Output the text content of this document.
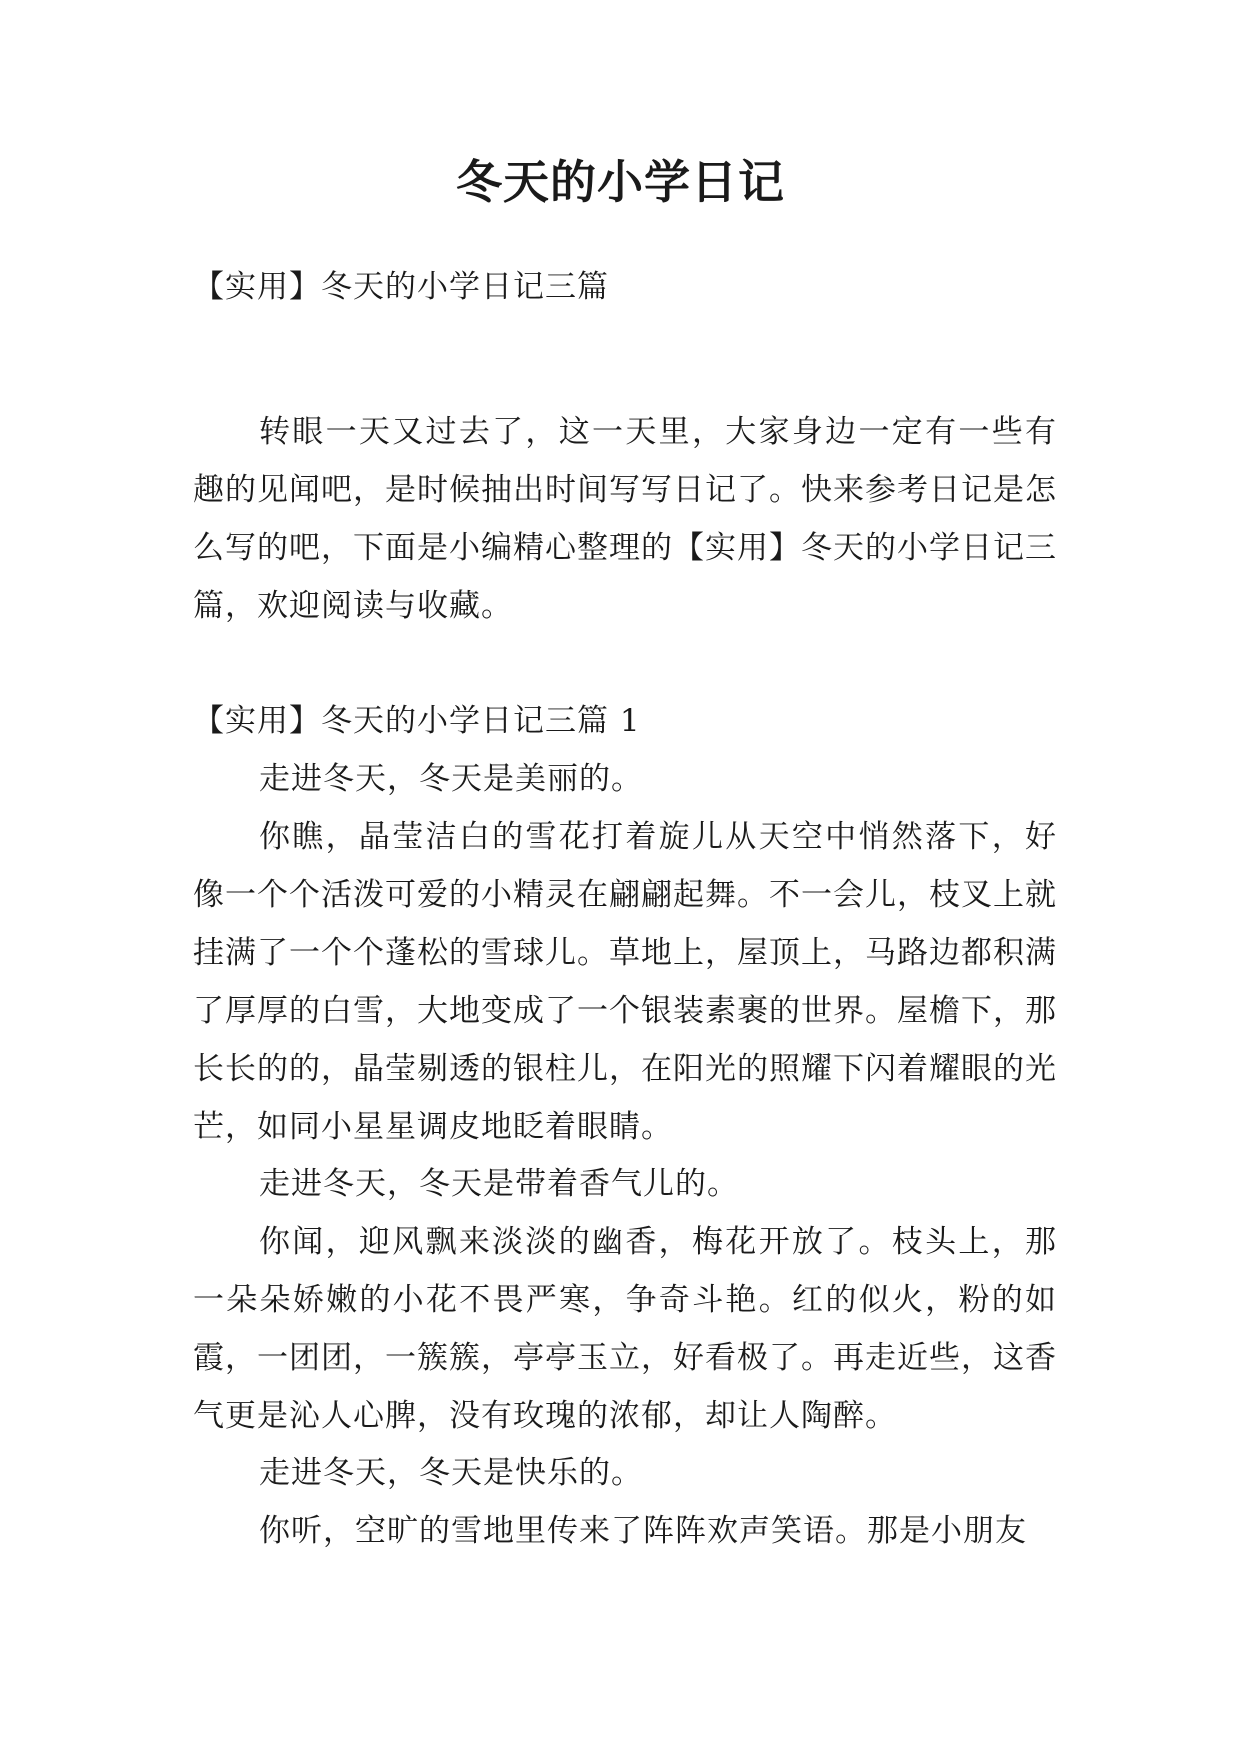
冬天的小学日记

【实用】冬天的小学日记三篇

转眼一天又过去了，这一天里，大家身边一定有一些有趣的见闻吧，是时候抽出时间写写日记了。快来参考日记是怎么写的吧，下面是小编精心整理的【实用】冬天的小学日记三篇，欢迎阅读与收藏。

【实用】冬天的小学日记三篇 1

走进冬天，冬天是美丽的。

你瞧，晶莹洁白的雪花打着旋儿从天空中悄然落下，好像一个个活泼可爱的小精灵在翩翩起舞。不一会儿，枝叉上就挂满了一个个蓬松的雪球儿。草地上，屋顶上，马路边都积满了厚厚的白雪，大地变成了一个银装素裹的世界。屋檐下，那长长的的，晶莹剔透的银柱儿，在阳光的照耀下闪着耀眼的光芒，如同小星星调皮地眨着眼睛。

走进冬天，冬天是带着香气儿的。

你闻，迎风飘来淡淡的幽香，梅花开放了。枝头上，那一朵朵娇嫩的小花不畏严寒，争奇斗艳。红的似火，粉的如霞，一团团，一簇簇，亭亭玉立，好看极了。再走近些，这香气更是沁人心脾，没有玫瑰的浓郁，却让人陶醉。

走进冬天，冬天是快乐的。

你听，空旷的雪地里传来了阵阵欢声笑语。那是小朋友
